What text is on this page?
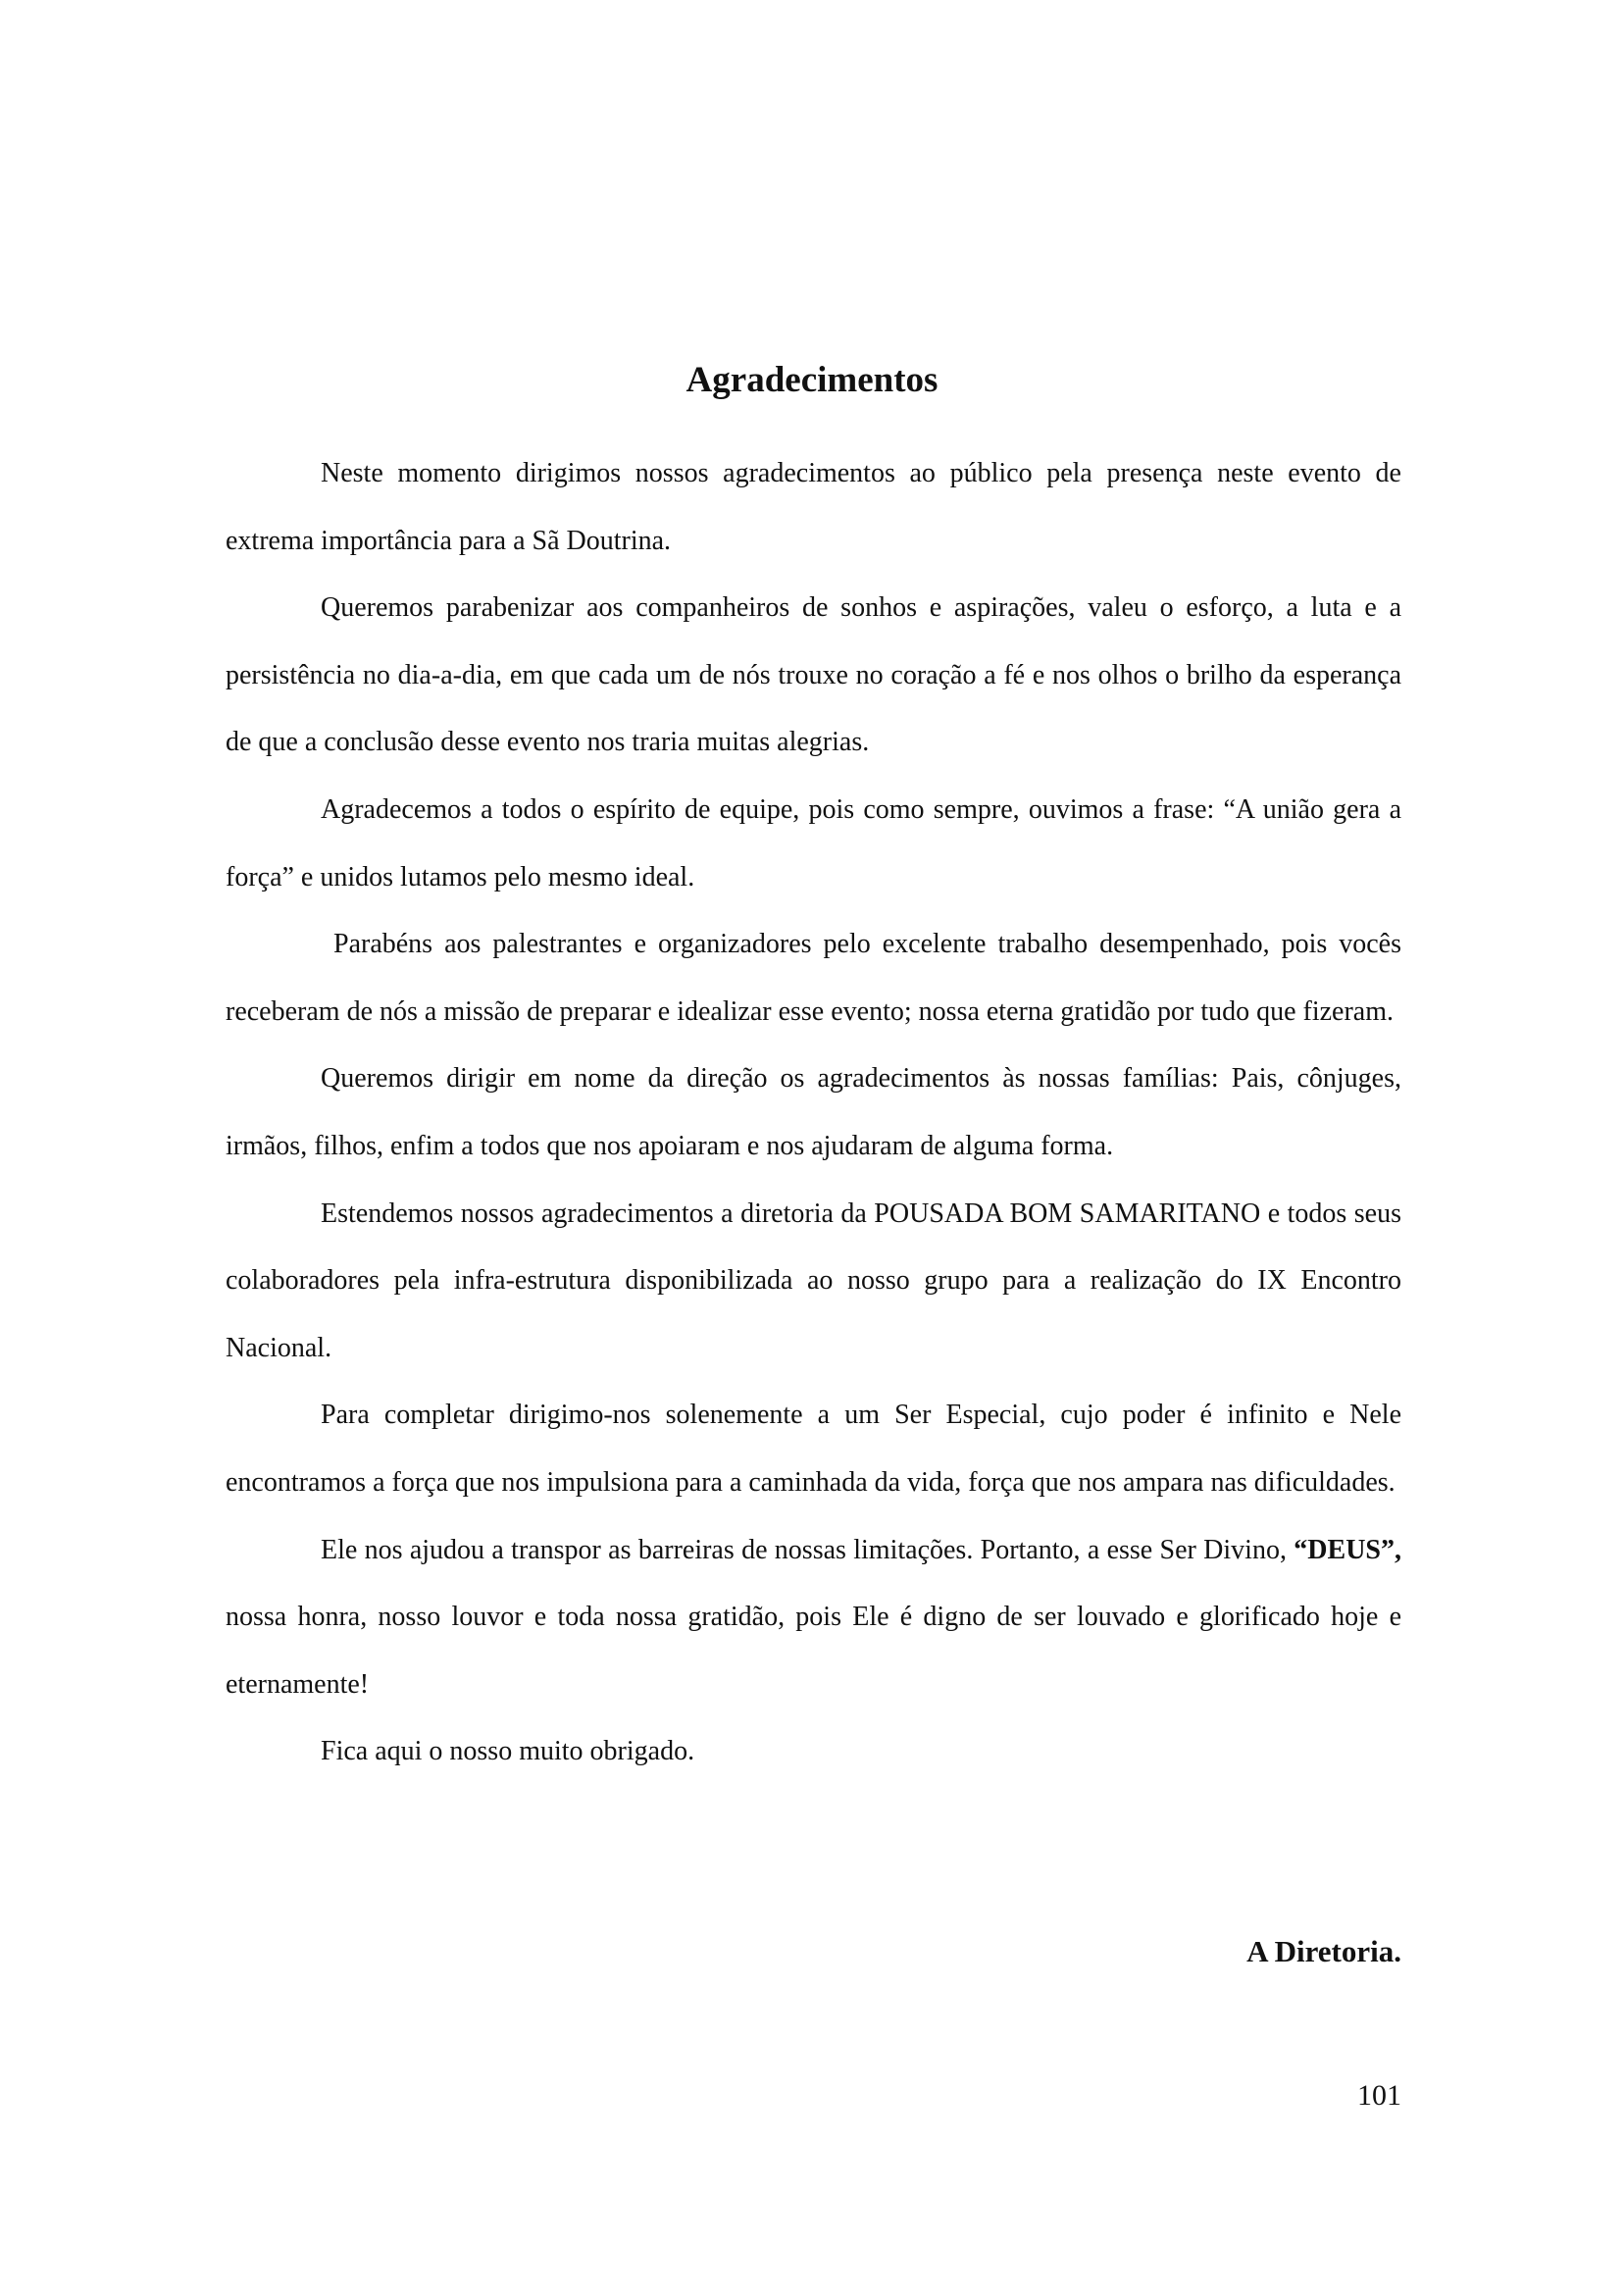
Agradecimentos

Neste momento dirigimos nossos agradecimentos ao público pela presença neste evento de extrema importância para a Sã Doutrina.

Queremos parabenizar aos companheiros de sonhos e aspirações, valeu o esforço, a luta e a persistência no dia-a-dia, em que cada um de nós trouxe no coração a fé e nos olhos o brilho da esperança de que a conclusão desse evento nos traria muitas alegrias.

Agradecemos a todos o espírito de equipe, pois como sempre, ouvimos a frase: “A união gera a força” e unidos lutamos pelo mesmo ideal.

Parabéns aos palestrantes e organizadores pelo excelente trabalho desempenhado, pois vocês receberam de nós a missão de preparar e idealizar esse evento; nossa eterna gratidão por tudo que fizeram.

Queremos dirigir em nome da direção os agradecimentos às nossas famílias: Pais, cônjuges, irmãos, filhos, enfim a todos que nos apoiaram e nos ajudaram de alguma forma.

Estendemos nossos agradecimentos a diretoria da POUSADA BOM SAMARITANO e todos seus colaboradores pela infra-estrutura disponibilizada ao nosso grupo para a realização do IX Encontro Nacional.

Para completar dirigimo-nos solenemente a um Ser Especial, cujo poder é infinito e Nele encontramos a força que nos impulsiona para a caminhada da vida, força que nos ampara nas dificuldades.

Ele nos ajudou a transpor as barreiras de nossas limitações. Portanto, a esse Ser Divino, “DEUS”, nossa honra, nosso louvor e toda nossa gratidão, pois Ele é digno de ser louvado e glorificado hoje e eternamente!

Fica aqui o nosso muito obrigado.

A Diretoria.
101
